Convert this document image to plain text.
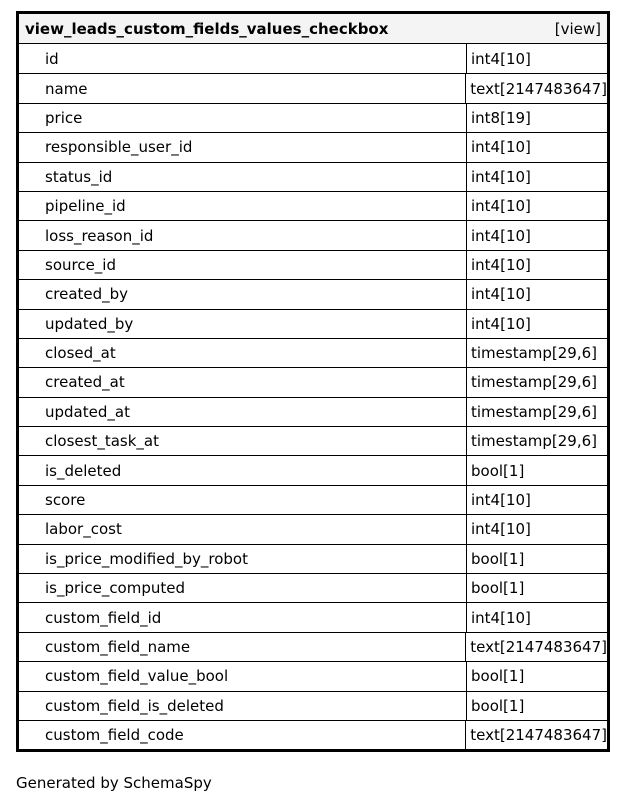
view_leads_custom_fields_values_checkbox	[view]
id	int4[10]
name	text[2147483647]
price	int8[19]
responsible_user_id	int4[10]
status_id	int4[10]
pipeline_id	int4[10]
loss_reason_id	int4[10]
source_id	int4[10]
created_by	int4[10]
updated_by	int4[10]
closed_at	timestamp[29,6]
created_at	timestamp[29,6]
updated_at	timestamp[29,6]
closest_task_at	timestamp[29,6]
is_deleted	bool[1]
score	int4[10]
labor_cost	int4[10]
is_price_modified_by_robot	bool[1]
is_price_computed	bool[1]
custom_field_id	int4[10]
custom_field_name	text[2147483647]
custom_field_value_bool	bool[1]
custom_field_is_deleted	bool[1]
custom_field_code	text[2147483647]
Generated by SchemaSpy
